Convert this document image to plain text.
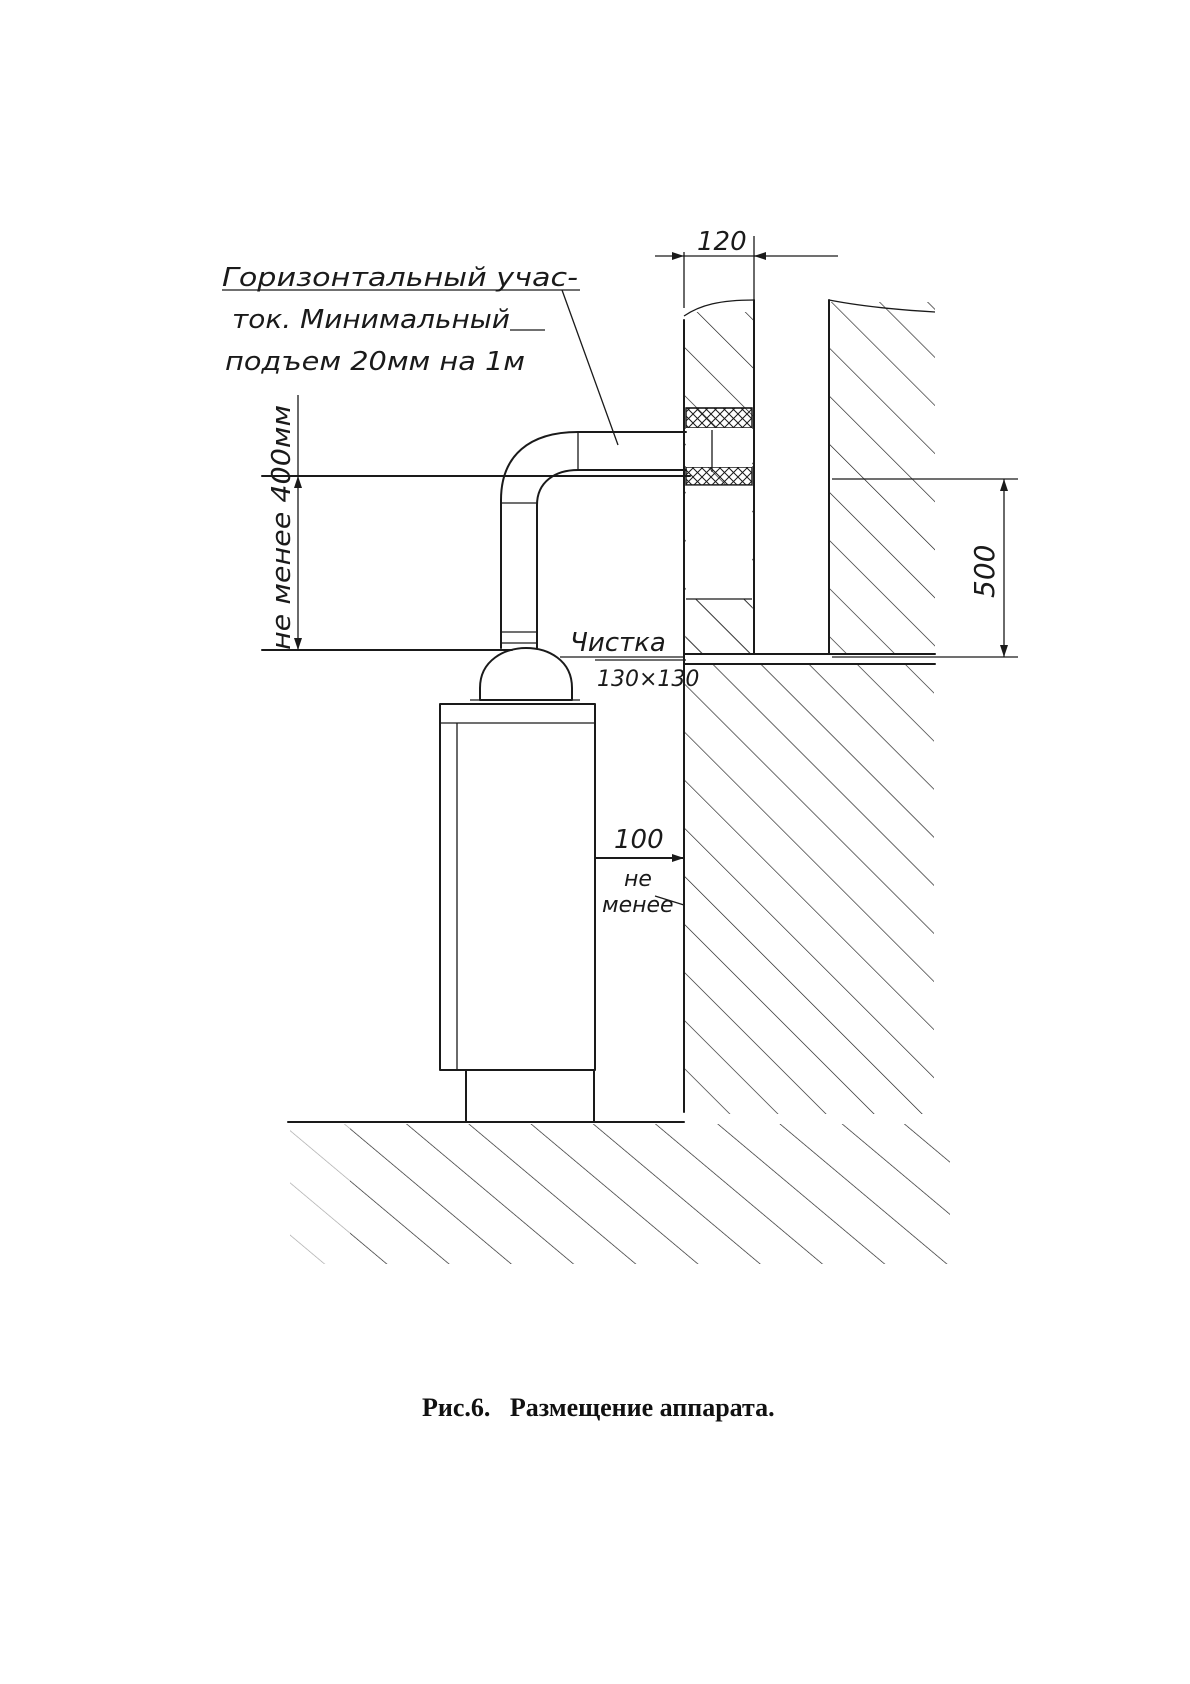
Горизонтальный учас-
ток. Минимальный
подъем 20мм на 1м
не менее 400мм
120
500
Чистка
130×130
100
не
менее
Рис.6.   Размещение аппарата.
